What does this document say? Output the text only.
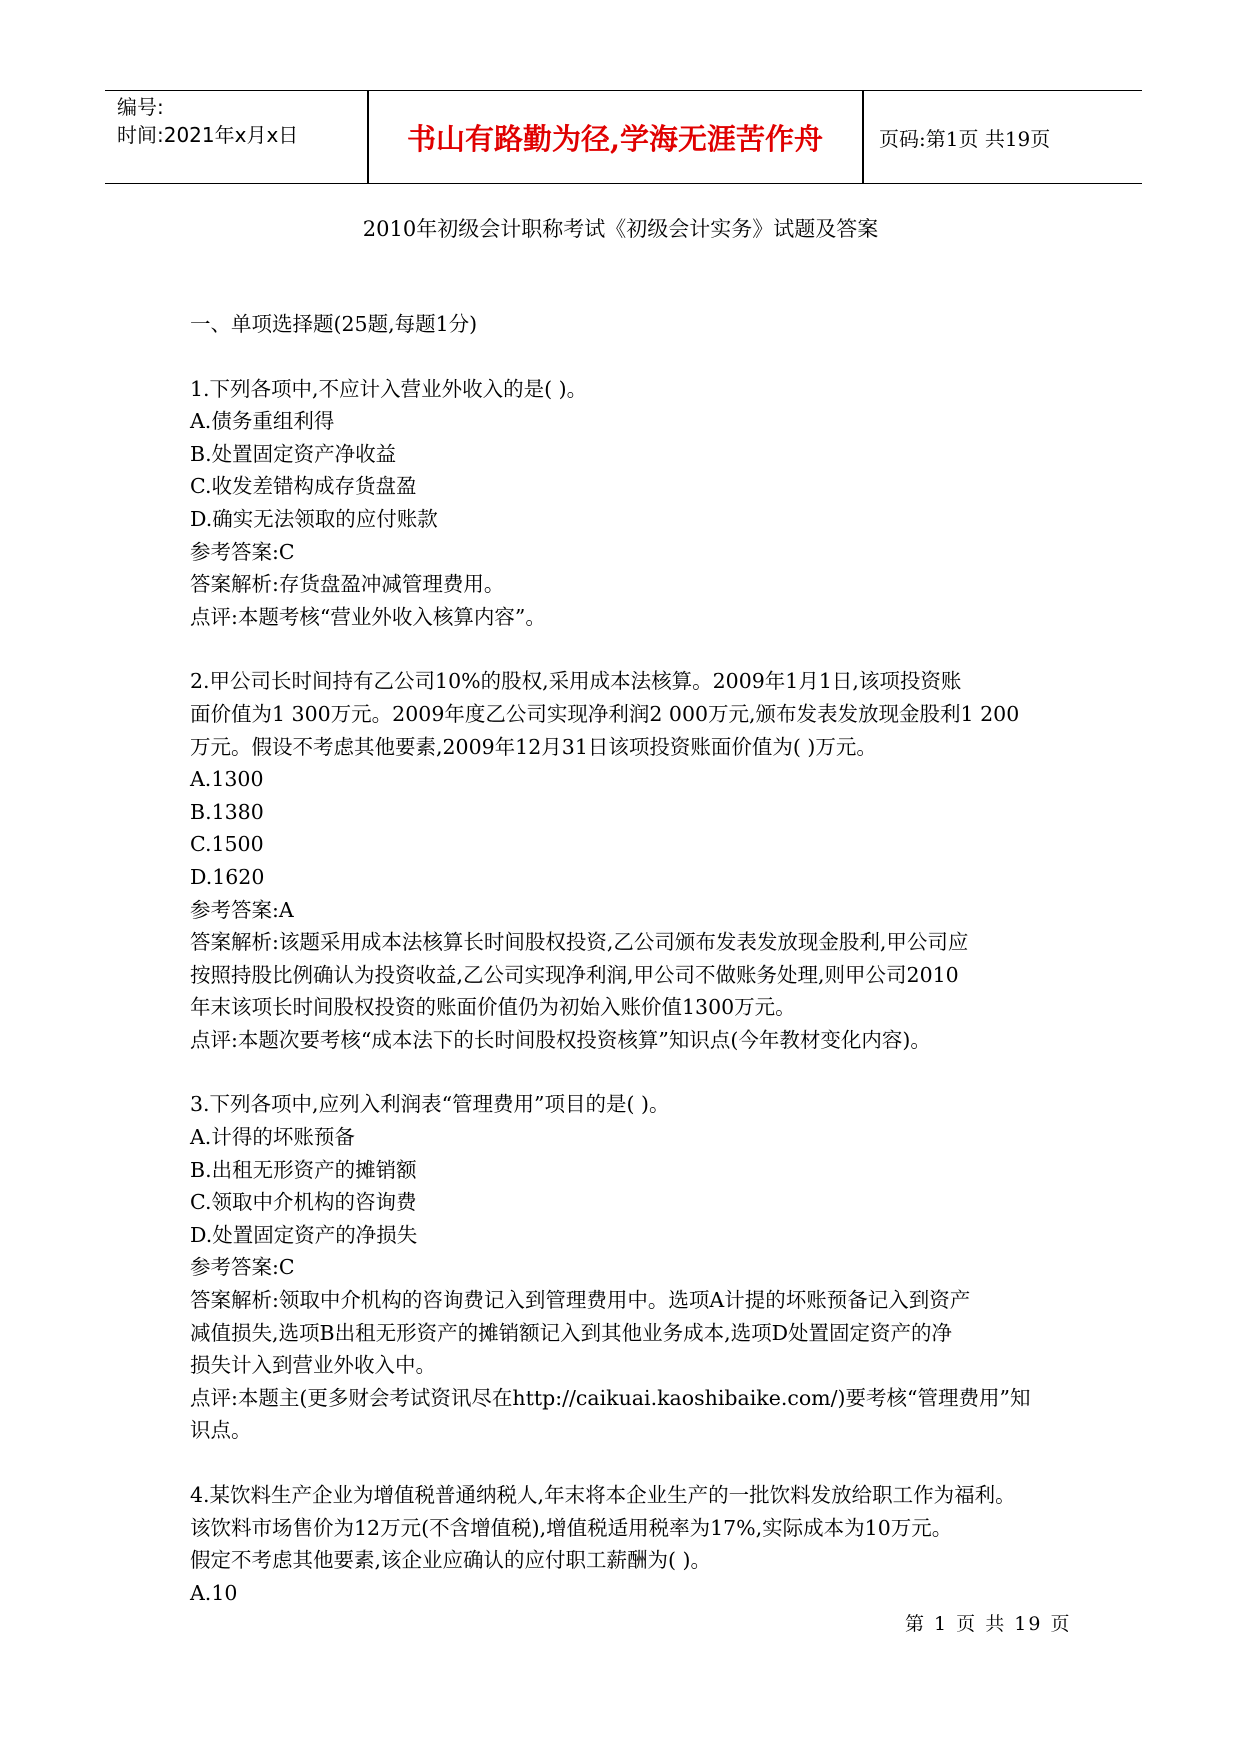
编号:
时间:2021年x月x日	书山有路勤为径,学海无涯苦作舟	页码:第1页 共19页
2010年初级会计职称考试《初级会计实务》试题及答案

一、单项选择题(25题,每题1分)

1.下列各项中,不应计入营业外收入的是( )。

A.债务重组利得

B.处置固定资产净收益

C.收发差错构成存货盘盈

D.确实无法领取的应付账款

参考答案:C

答案解析:存货盘盈冲减管理费用。

点评:本题考核“营业外收入核算内容”。

2.甲公司长时间持有乙公司10%的股权,采用成本法核算。2009年1月1日,该项投资账

面价值为1 300万元。2009年度乙公司实现净利润2 000万元,颁布发表发放现金股利1 200

万元。假设不考虑其他要素,2009年12月31日该项投资账面价值为( )万元。

A.1300

B.1380

C.1500

D.1620

参考答案:A

答案解析:该题采用成本法核算长时间股权投资,乙公司颁布发表发放现金股利,甲公司应

按照持股比例确认为投资收益,乙公司实现净利润,甲公司不做账务处理,则甲公司2010

年末该项长时间股权投资的账面价值仍为初始入账价值1300万元。

点评:本题次要考核“成本法下的长时间股权投资核算”知识点(今年教材变化内容)。

3.下列各项中,应列入利润表“管理费用”项目的是( )。

A.计得的坏账预备

B.出租无形资产的摊销额

C.领取中介机构的咨询费

D.处置固定资产的净损失

参考答案:C

答案解析:领取中介机构的咨询费记入到管理费用中。选项A计提的坏账预备记入到资产

减值损失,选项B出租无形资产的摊销额记入到其他业务成本,选项D处置固定资产的净

损失计入到营业外收入中。

点评:本题主(更多财会考试资讯尽在http://caikuai.kaoshibaike.com/)要考核“管理费用”知

识点。

4.某饮料生产企业为增值税普通纳税人,年末将本企业生产的一批饮料发放给职工作为福利。

该饮料市场售价为12万元(不含增值税),增值税适用税率为17%,实际成本为10万元。

假定不考虑其他要素,该企业应确认的应付职工薪酬为( )。

A.10

第 1 页 共 19 页
